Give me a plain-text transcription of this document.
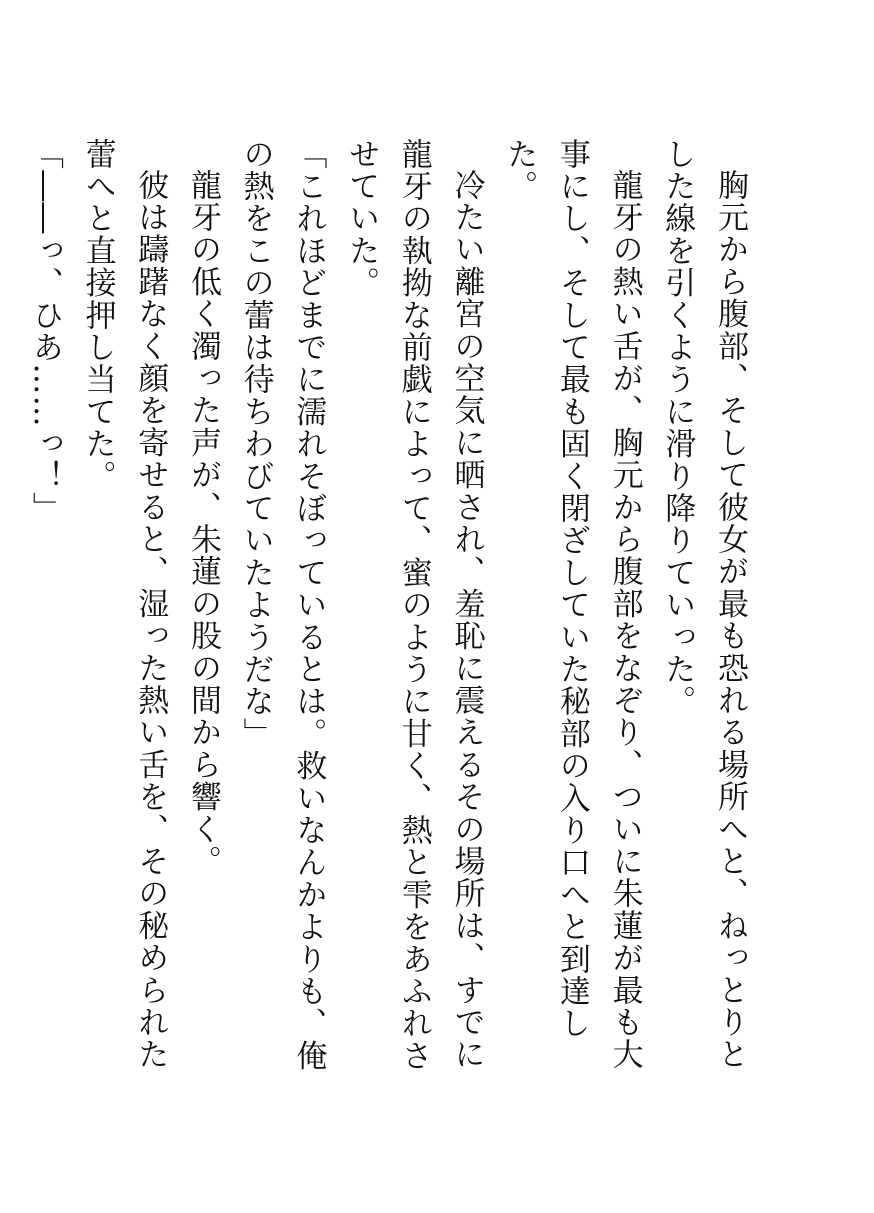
胸元から腹部、そして彼女が最も恐れる場所へと、ねっとりとした線を引くように滑り降りていった。

龍牙の熱い舌が、胸元から腹部をなぞり、ついに朱蓮が最も大事にし、そして最も固く閉ざしていた秘部の入り口へと到達した。

冷たい離宮の空気に晒され、羞恥に震えるその場所は、すでに龍牙の執拗な前戯によって、蜜のように甘く、熱と雫をあふれさせていた。

「これほどまでに濡れそぼっているとは。救いなんかよりも、俺の熱をこの蕾は待ちわびていたようだな」

龍牙の低く濁った声が、朱蓮の股の間から響く。

彼は躊躇なく顔を寄せると、湿った熱い舌を、その秘められた蕾へと直接押し当てた。

「――っ、ひあ……っ！」
